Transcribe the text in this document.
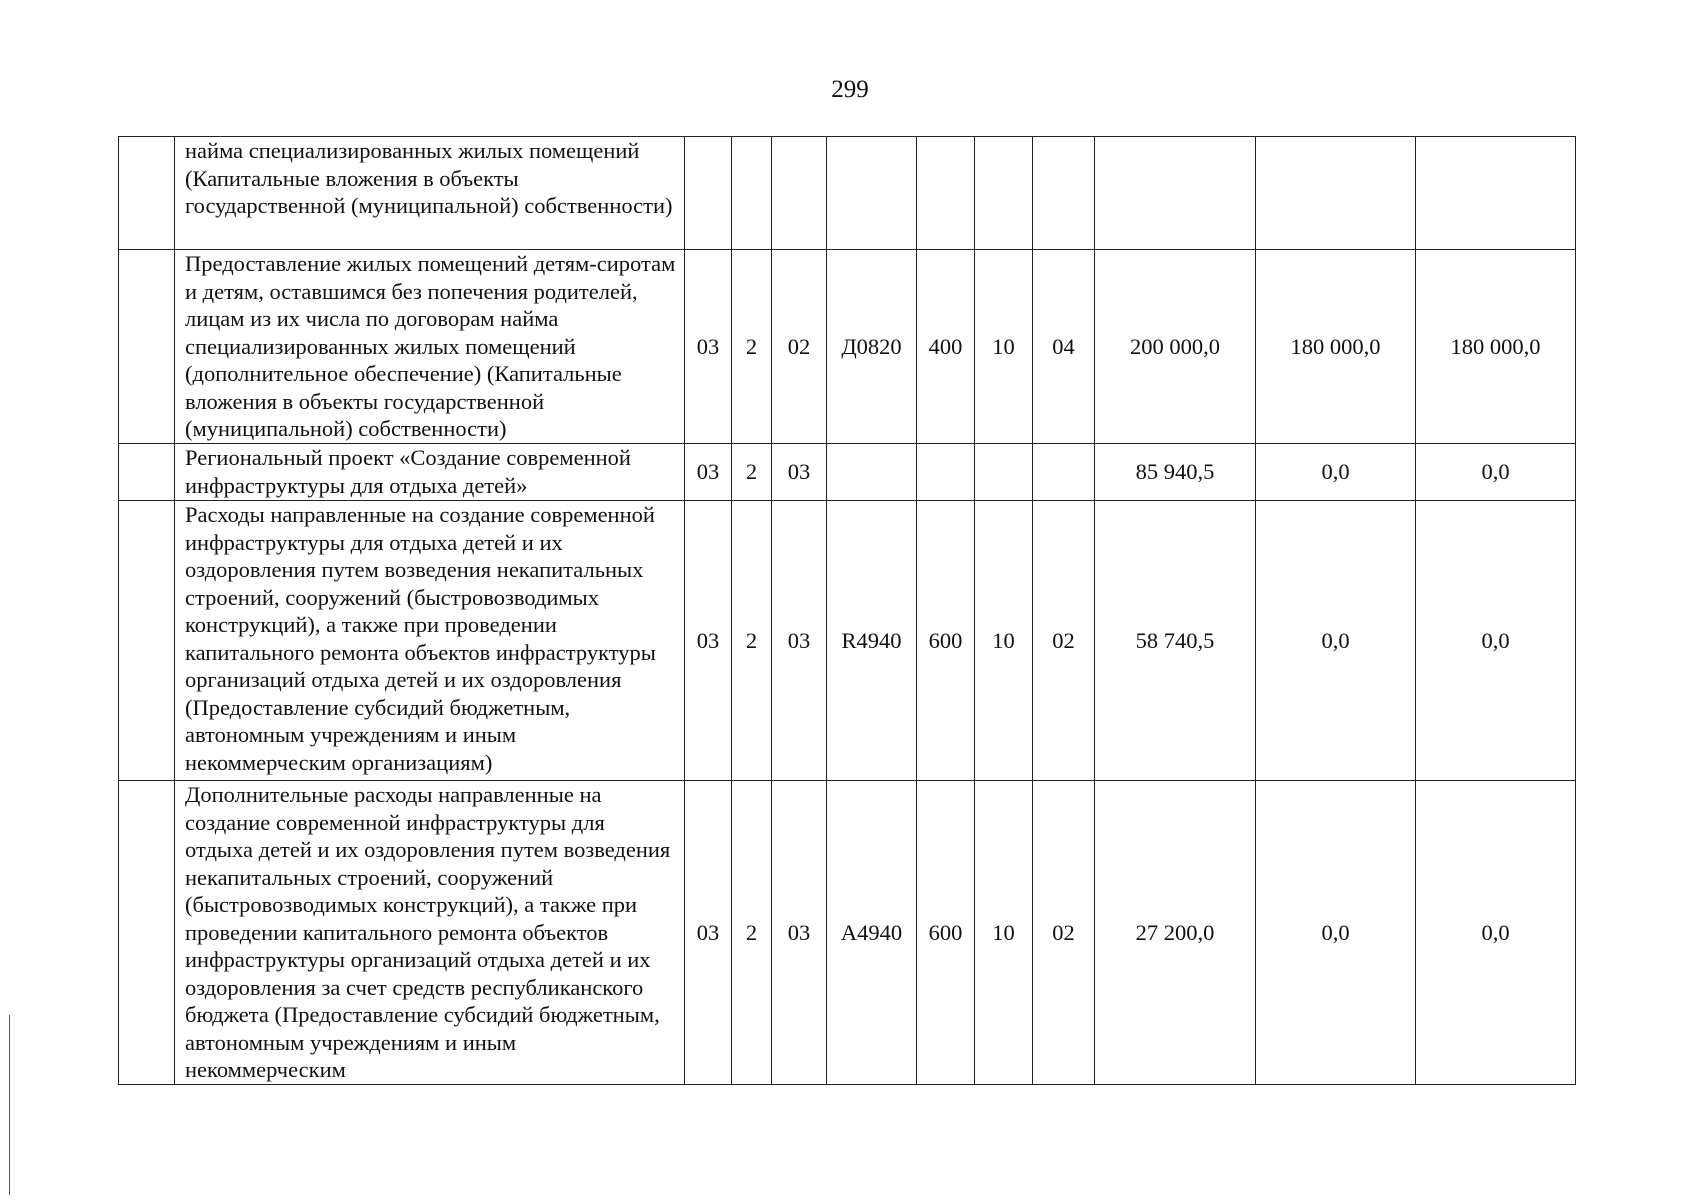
299
	найма специализированных жилых помещений (Капитальные вложения в объекты государственной (муниципальной) собственности)										
	Предоставление жилых помещений детям-сиротам и детям, оставшимся без попечения родителей, лицам из их числа по договорам найма специализированных жилых помещений (дополнительное обеспечение) (Капитальные вложения в объекты государственной (муниципальной) собственности)	03	2	02	Д0820	400	10	04	200 000,0	180 000,0	180 000,0
	Региональный проект «Создание современной инфраструктуры для отдыха детей»	03	2	03					85 940,5	0,0	0,0
	Расходы направленные на создание современной инфраструктуры для отдыха детей и их оздоровления путем возведения некапитальных строений, сооружений (быстровозводимых конструкций), а также при проведении капитального ремонта объектов инфраструктуры организаций отдыха детей и их оздоровления (Предоставление субсидий бюджетным, автономным учреждениям и иным некоммерческим организациям)	03	2	03	R4940	600	10	02	58 740,5	0,0	0,0
	Дополнительные расходы направленные на создание современной инфраструктуры для отдыха детей и их оздоровления путем возведения некапитальных строений, сооружений (быстровозводимых конструкций), а также при проведении капитального ремонта объектов инфраструктуры организаций отдыха детей и их оздоровления за счет средств республиканского бюджета (Предоставление субсидий бюджетным, автономным учреждениям и иным некоммерческим	03	2	03	А4940	600	10	02	27 200,0	0,0	0,0
